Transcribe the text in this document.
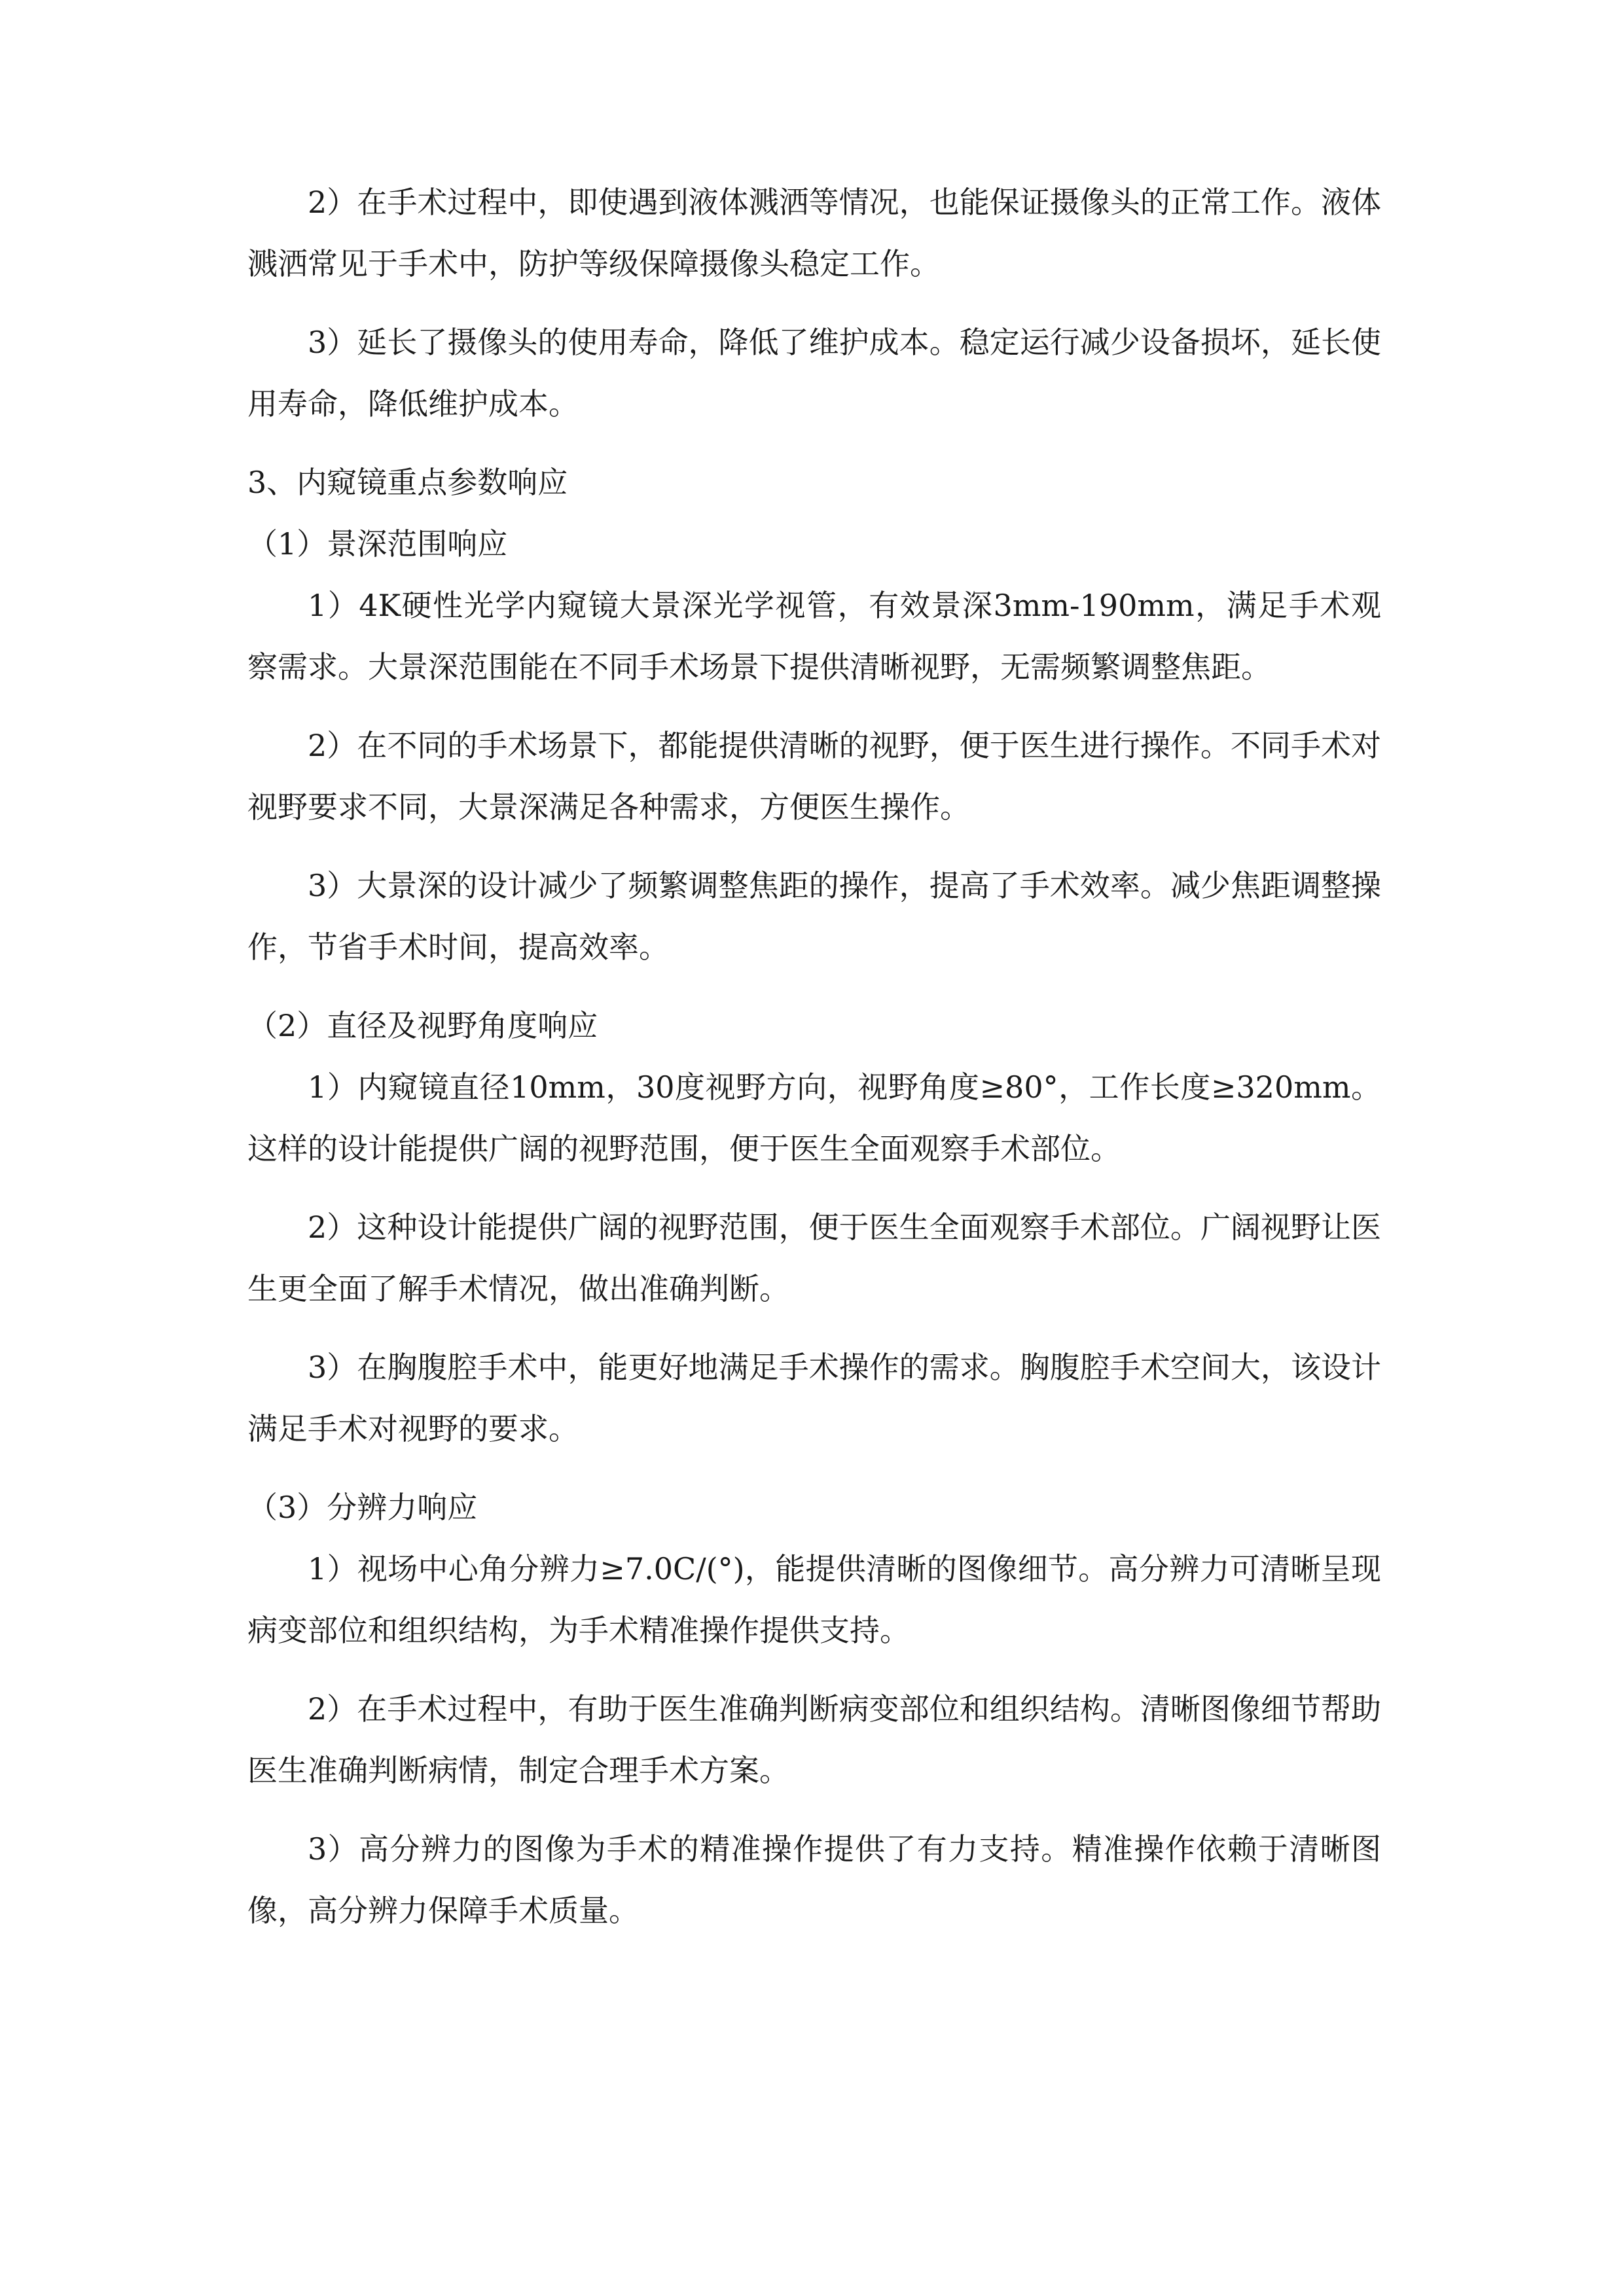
2）在手术过程中，即使遇到液体溅洒等情况，也能保证摄像头的正常工作。液体溅洒常见于手术中，防护等级保障摄像头稳定工作。

3）延长了摄像头的使用寿命，降低了维护成本。稳定运行减少设备损坏，延长使用寿命，降低维护成本。

3、内窥镜重点参数响应

（1）景深范围响应

1）4K硬性光学内窥镜大景深光学视管，有效景深3mm-190mm，满足手术观察需求。大景深范围能在不同手术场景下提供清晰视野，无需频繁调整焦距。

2）在不同的手术场景下，都能提供清晰的视野，便于医生进行操作。不同手术对视野要求不同，大景深满足各种需求，方便医生操作。

3）大景深的设计减少了频繁调整焦距的操作，提高了手术效率。减少焦距调整操作，节省手术时间，提高效率。

（2）直径及视野角度响应

1）内窥镜直径10mm，30度视野方向，视野角度≥80°，工作长度≥320mm。这样的设计能提供广阔的视野范围，便于医生全面观察手术部位。

2）这种设计能提供广阔的视野范围，便于医生全面观察手术部位。广阔视野让医生更全面了解手术情况，做出准确判断。

3）在胸腹腔手术中，能更好地满足手术操作的需求。胸腹腔手术空间大，该设计满足手术对视野的要求。

（3）分辨力响应

1）视场中心角分辨力≥7.0C/(°)，能提供清晰的图像细节。高分辨力可清晰呈现病变部位和组织结构，为手术精准操作提供支持。

2）在手术过程中，有助于医生准确判断病变部位和组织结构。清晰图像细节帮助医生准确判断病情，制定合理手术方案。

3）高分辨力的图像为手术的精准操作提供了有力支持。精准操作依赖于清晰图像，高分辨力保障手术质量。
